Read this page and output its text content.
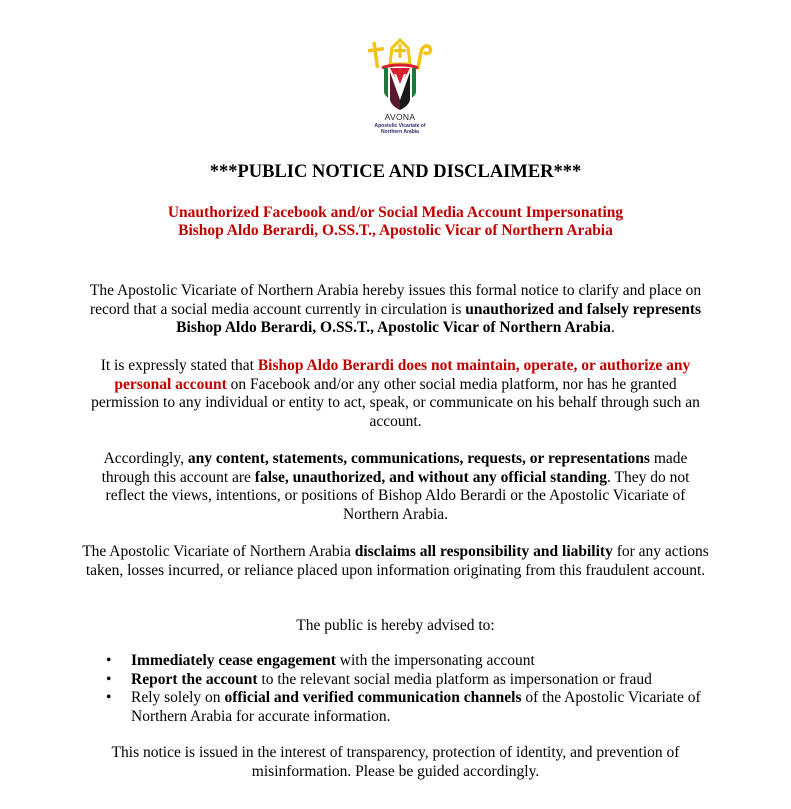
AVONA
Apostolic Vicariate of
Northern Arabia
***PUBLIC NOTICE AND DISCLAIMER***
Unauthorized Facebook and/or Social Media Account Impersonating
Bishop Aldo Berardi, O.SS.T., Apostolic Vicar of Northern Arabia
The Apostolic Vicariate of Northern Arabia hereby issues this formal notice to clarify and place on record that a social media account currently in circulation is unauthorized and falsely represents Bishop Aldo Berardi, O.SS.T., Apostolic Vicar of Northern Arabia.
It is expressly stated that Bishop Aldo Berardi does not maintain, operate, or authorize any personal account on Facebook and/or any other social media platform, nor has he granted permission to any individual or entity to act, speak, or communicate on his behalf through such an account.
Accordingly, any content, statements, communications, requests, or representations made through this account are false, unauthorized, and without any official standing. They do not reflect the views, intentions, or positions of Bishop Aldo Berardi or the Apostolic Vicariate of Northern Arabia.
The Apostolic Vicariate of Northern Arabia disclaims all responsibility and liability for any actions taken, losses incurred, or reliance placed upon information originating from this fraudulent account.
The public is hereby advised to:
• Immediately cease engagement with the impersonating account
• Report the account to the relevant social media platform as impersonation or fraud
• Rely solely on official and verified communication channels of the Apostolic Vicariate of Northern Arabia for accurate information.
This notice is issued in the interest of transparency, protection of identity, and prevention of misinformation. Please be guided accordingly.
